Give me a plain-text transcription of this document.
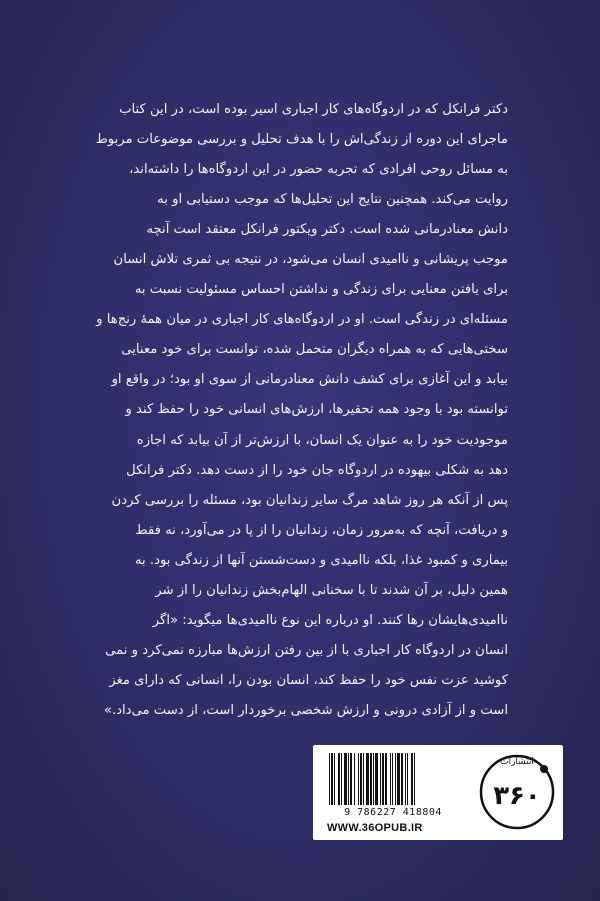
دکتر فرانکل که در اردوگاه‌های کار اجباری اسیر بوده است، در این کتاب

ماجرای این دوره از زندگی‌اش را با هدف تحلیل و بررسی موضوعات مربوط

به مسائل روحی افرادی که تجربه حضور در این اردوگاه‌ها را داشته‌اند،

روایت می‌کند. همچنین نتایج این تحلیل‌ها که موجب دستیابی او به

دانش معنادرمانی شده است. دکتر ویکتور فرانکل معتقد است آنچه

موجب پریشانی و ناامیدی انسان می‌شود، در نتیجه بی ثمری تلاش انسان

برای یافتن معنایی برای زندگی و نداشتن احساس مسئولیت نسبت به

مسئله‌ای در زندگی است. او در اردوگاه‌های کار اجباری در میان همهٔ رنج‌ها و

سختی‌هایی که به همراه دیگران متحمل شده، توانست برای خود معنایی

بیابد و این آغازی برای کشف دانش معنادرمانی از سوی او بود؛ در واقع او

توانسته بود با وجود همه تحقیرها، ارزش‌های انسانی خود را حفظ کند و

موجودیت خود را به عنوان یک انسان، با ارزش‌تر از آن بیابد که اجازه

دهد به شکلی بیهوده در اردوگاه جان خود را از دست دهد. دکتر فرانکل

پس از آنکه هر روز شاهد مرگ سایر زندانیان بود، مسئله را بررسی کردن

و دریافت، آنچه که به‌مرور زمان، زندانیان را از پا در می‌آورد، نه فقط

بیماری و کمبود غذا، بلکه ناامیدی و دست‌شستن آنها از زندگی بود. به

همین دلیل، بر آن شدند تا با سخنانی الهام‌بخش زندانیان را از شر

ناامیدی‌هایشان رها کنند. او درباره این نوع ناامیدی‌ها میگوید: «اگر

انسان در اردوگاه کار اجباری با از بین رفتن ارزش‌ها مبارزه نمی‌کرد و نمی

کوشید عزت نفس خود را حفظ کند، انسان بودن را، انسانی که دارای مغز

است و از آزادی درونی و ارزش شخصی برخوردار است، از دست می‌داد.»

9 786227 418804
WWW.36OPUB.IR
انتشارات
۳۶۰
